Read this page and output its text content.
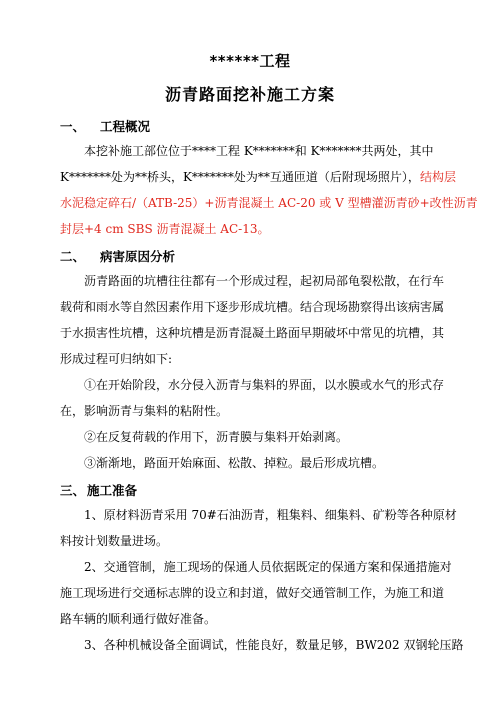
******工程
沥青路面挖补施工方案
一、 工程概况
本挖补施工部位位于****工程 K*******和 K*******共两处，其中
K*******处为**桥头，K*******处为**互通匝道（后附现场照片），结构层
水泥稳定碎石/（ATB-25）+沥青混凝土 AC-20 或 V 型槽灌沥青砂+改性沥青
封层+4 cm SBS 沥青混凝土 AC-13。
二、 病害原因分析
沥青路面的坑槽往往都有一个形成过程，起初局部龟裂松散，在行车
载荷和雨水等自然因素作用下逐步形成坑槽。结合现场勘察得出该病害属
于水损害性坑槽，这种坑槽是沥青混凝土路面早期破坏中常见的坑槽，其
形成过程可归纳如下:
①在开始阶段，水分侵入沥青与集料的界面，以水膜或水气的形式存
在，影响沥青与集料的粘附性。
②在反复荷载的作用下，沥青膜与集料开始剥离。
③渐渐地，路面开始麻面、松散、掉粒。最后形成坑槽。
三、 施工准备
1、原材料沥青采用 70#石油沥青，粗集料、细集料、矿粉等各种原材
料按计划数量进场。
2、交通管制，施工现场的保通人员依据既定的保通方案和保通措施对
施工现场进行交通标志牌的设立和封道，做好交通管制工作，为施工和道
路车辆的顺利通行做好准备。
3、各种机械设备全面调试，性能良好，数量足够，BW202 双钢轮压路
